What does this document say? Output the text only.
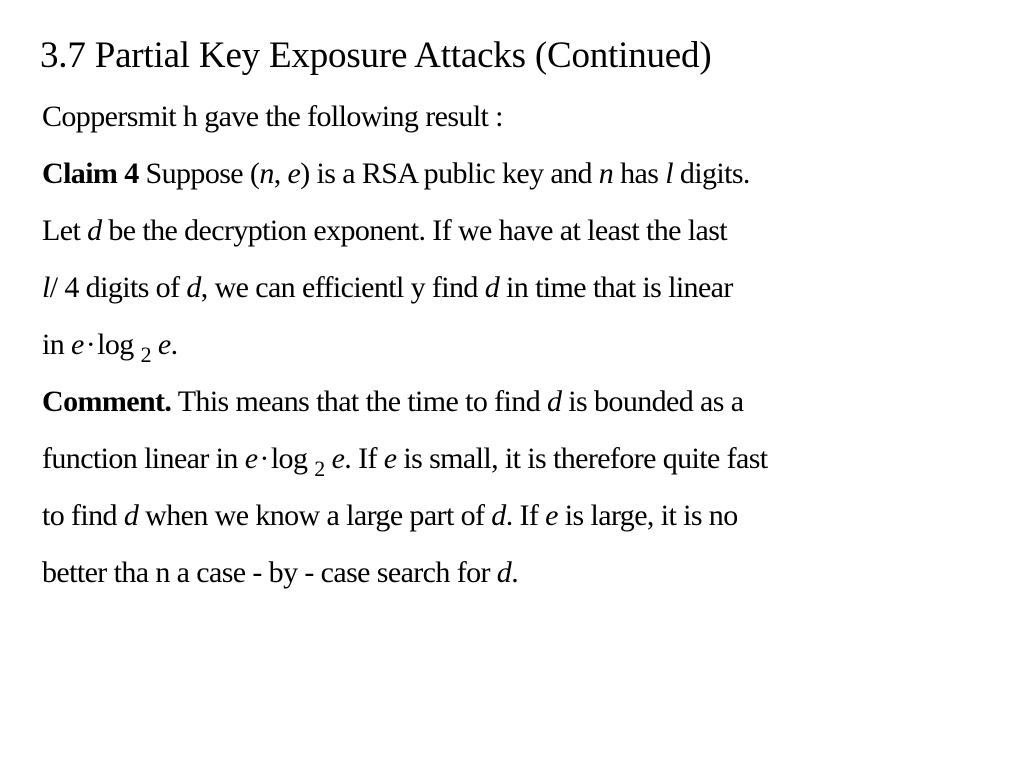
3.7 Partial Key Exposure Attacks (Continued)
Coppersmit h gave the following result :
Claim 4 Suppose (n, e) is a RSA public key and n has l digits.
Let d be the decryption exponent. If we have at least the last
l/ 4 digits of d, we can efficientl y find d in time that is linear
in e·log $_2$ e.
Comment. This means that the time to find d is bounded as a
function linear in e·log $_2$ e. If e is small, it is therefore quite fast
to find d when we know a large part of d. If e is large, it is no
better tha n a case - by - case search for d.
